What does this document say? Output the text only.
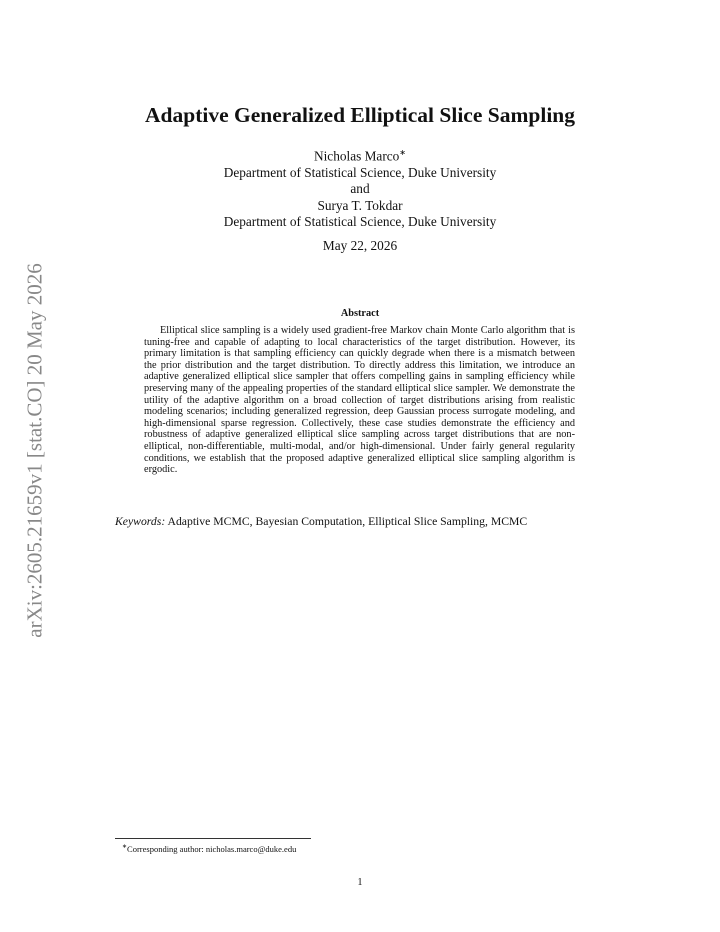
arXiv:2605.21659v1 [stat.CO] 20 May 2026
Adaptive Generalized Elliptical Slice Sampling
Nicholas Marco∗
Department of Statistical Science, Duke University
and
Surya T. Tokdar
Department of Statistical Science, Duke University
May 22, 2026
Abstract
Elliptical slice sampling is a widely used gradient-free Markov chain Monte Carlo algorithm that is tuning-free and capable of adapting to local characteristics of the target distribution. However, its primary limitation is that sampling efficiency can quickly degrade when there is a mismatch between the prior distribution and the target distribution. To directly address this limitation, we introduce an adaptive generalized elliptical slice sampler that offers compelling gains in sampling efficiency while preserving many of the appealing properties of the standard elliptical slice sampler. We demonstrate the utility of the adaptive algorithm on a broad collection of target distributions arising from realistic modeling scenarios; including generalized regression, deep Gaussian process surrogate modeling, and high-dimensional sparse regression. Collectively, these case studies demonstrate the efficiency and robustness of adaptive generalized elliptical slice sampling across target distributions that are non-elliptical, non-differentiable, multi-modal, and/or high-dimensional. Under fairly general regularity conditions, we establish that the proposed adaptive generalized elliptical slice sampling algorithm is ergodic.
Keywords: Adaptive MCMC, Bayesian Computation, Elliptical Slice Sampling, MCMC
∗Corresponding author: nicholas.marco@duke.edu
1
